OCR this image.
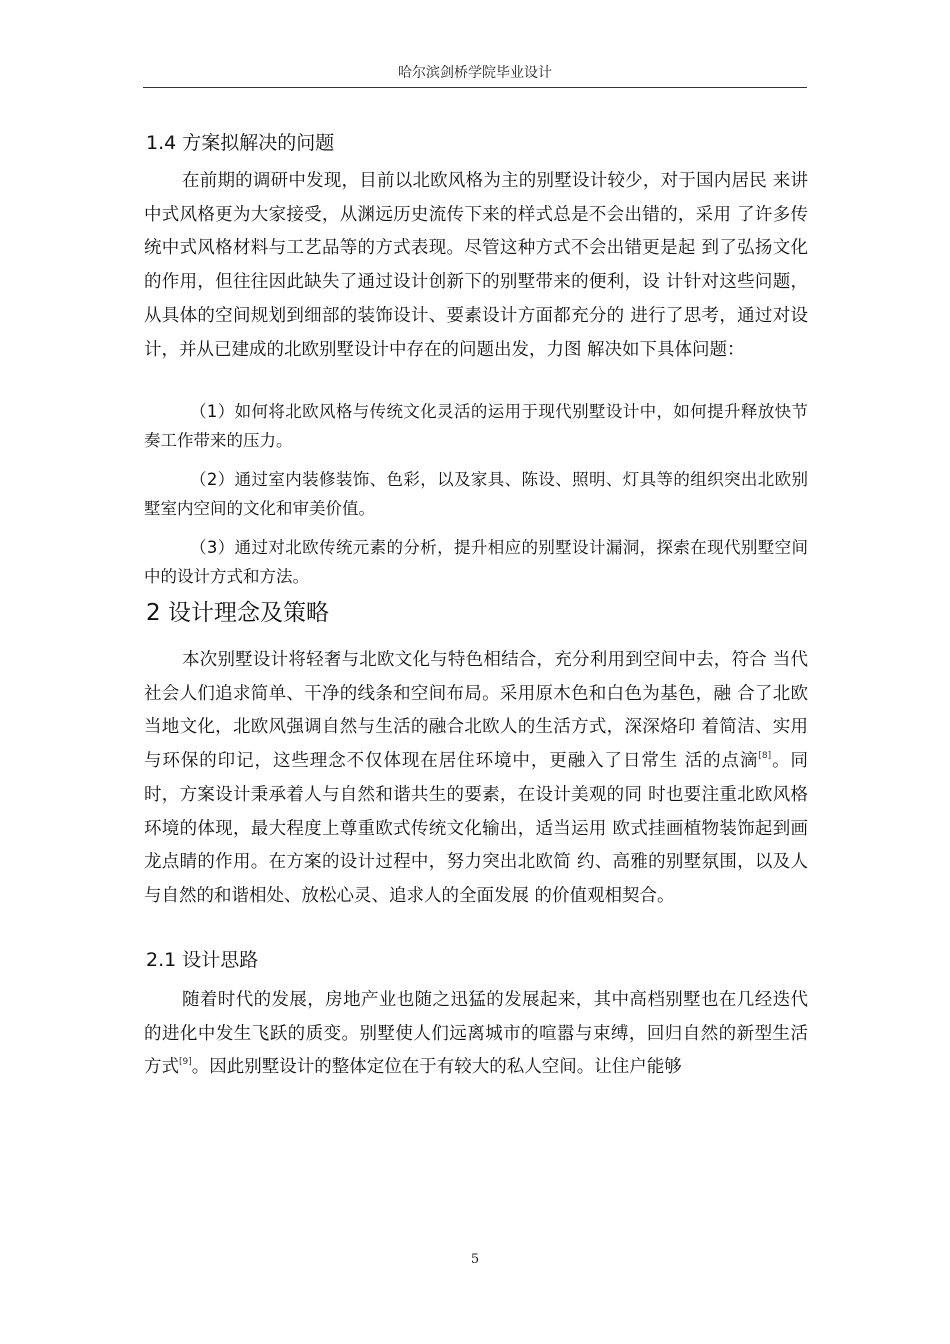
哈尔滨剑桥学院毕业设计
1.4 方案拟解决的问题
在前期的调研中发现，目前以北欧风格为主的别墅设计较少，对于国内居民 来讲中式风格更为大家接受，从渊远历史流传下来的样式总是不会出错的，采用 了许多传统中式风格材料与工艺品等的方式表现。尽管这种方式不会出错更是起 到了弘扬文化的作用，但往往因此缺失了通过设计创新下的别墅带来的便利，设 计针对这些问题，从具体的空间规划到细部的装饰设计、要素设计方面都充分的 进行了思考，通过对设计，并从已建成的北欧别墅设计中存在的问题出发，力图 解决如下具体问题：
（1）如何将北欧风格与传统文化灵活的运用于现代别墅设计中，如何提升释放快节奏工作带来的压力。
（2）通过室内装修装饰、色彩，以及家具、陈设、照明、灯具等的组织突出北欧别墅室内空间的文化和审美价值。
（3）通过对北欧传统元素的分析，提升相应的别墅设计漏洞，探索在现代别墅空间中的设计方式和方法。
2 设计理念及策略
本次别墅设计将轻奢与北欧文化与特色相结合，充分利用到空间中去，符合 当代社会人们追求简单、干净的线条和空间布局。采用原木色和白色为基色，融 合了北欧当地文化，北欧风强调自然与生活的融合北欧人的生活方式，深深烙印 着简洁、实用与环保的印记，这些理念不仅体现在居住环境中，更融入了日常生 活的点滴[8]。同时，方案设计秉承着人与自然和谐共生的要素，在设计美观的同 时也要注重北欧风格环境的体现，最大程度上尊重欧式传统文化输出，适当运用 欧式挂画植物装饰起到画龙点睛的作用。在方案的设计过程中，努力突出北欧简 约、高雅的别墅氛围，以及人与自然的和谐相处、放松心灵、追求人的全面发展 的价值观相契合。
2.1 设计思路
随着时代的发展，房地产业也随之迅猛的发展起来，其中高档别墅也在几经迭代的进化中发生飞跃的质变。别墅使人们远离城市的喧嚣与束缚，回归自然的新型生活方式[9]。因此别墅设计的整体定位在于有较大的私人空间。让住户能够
5
